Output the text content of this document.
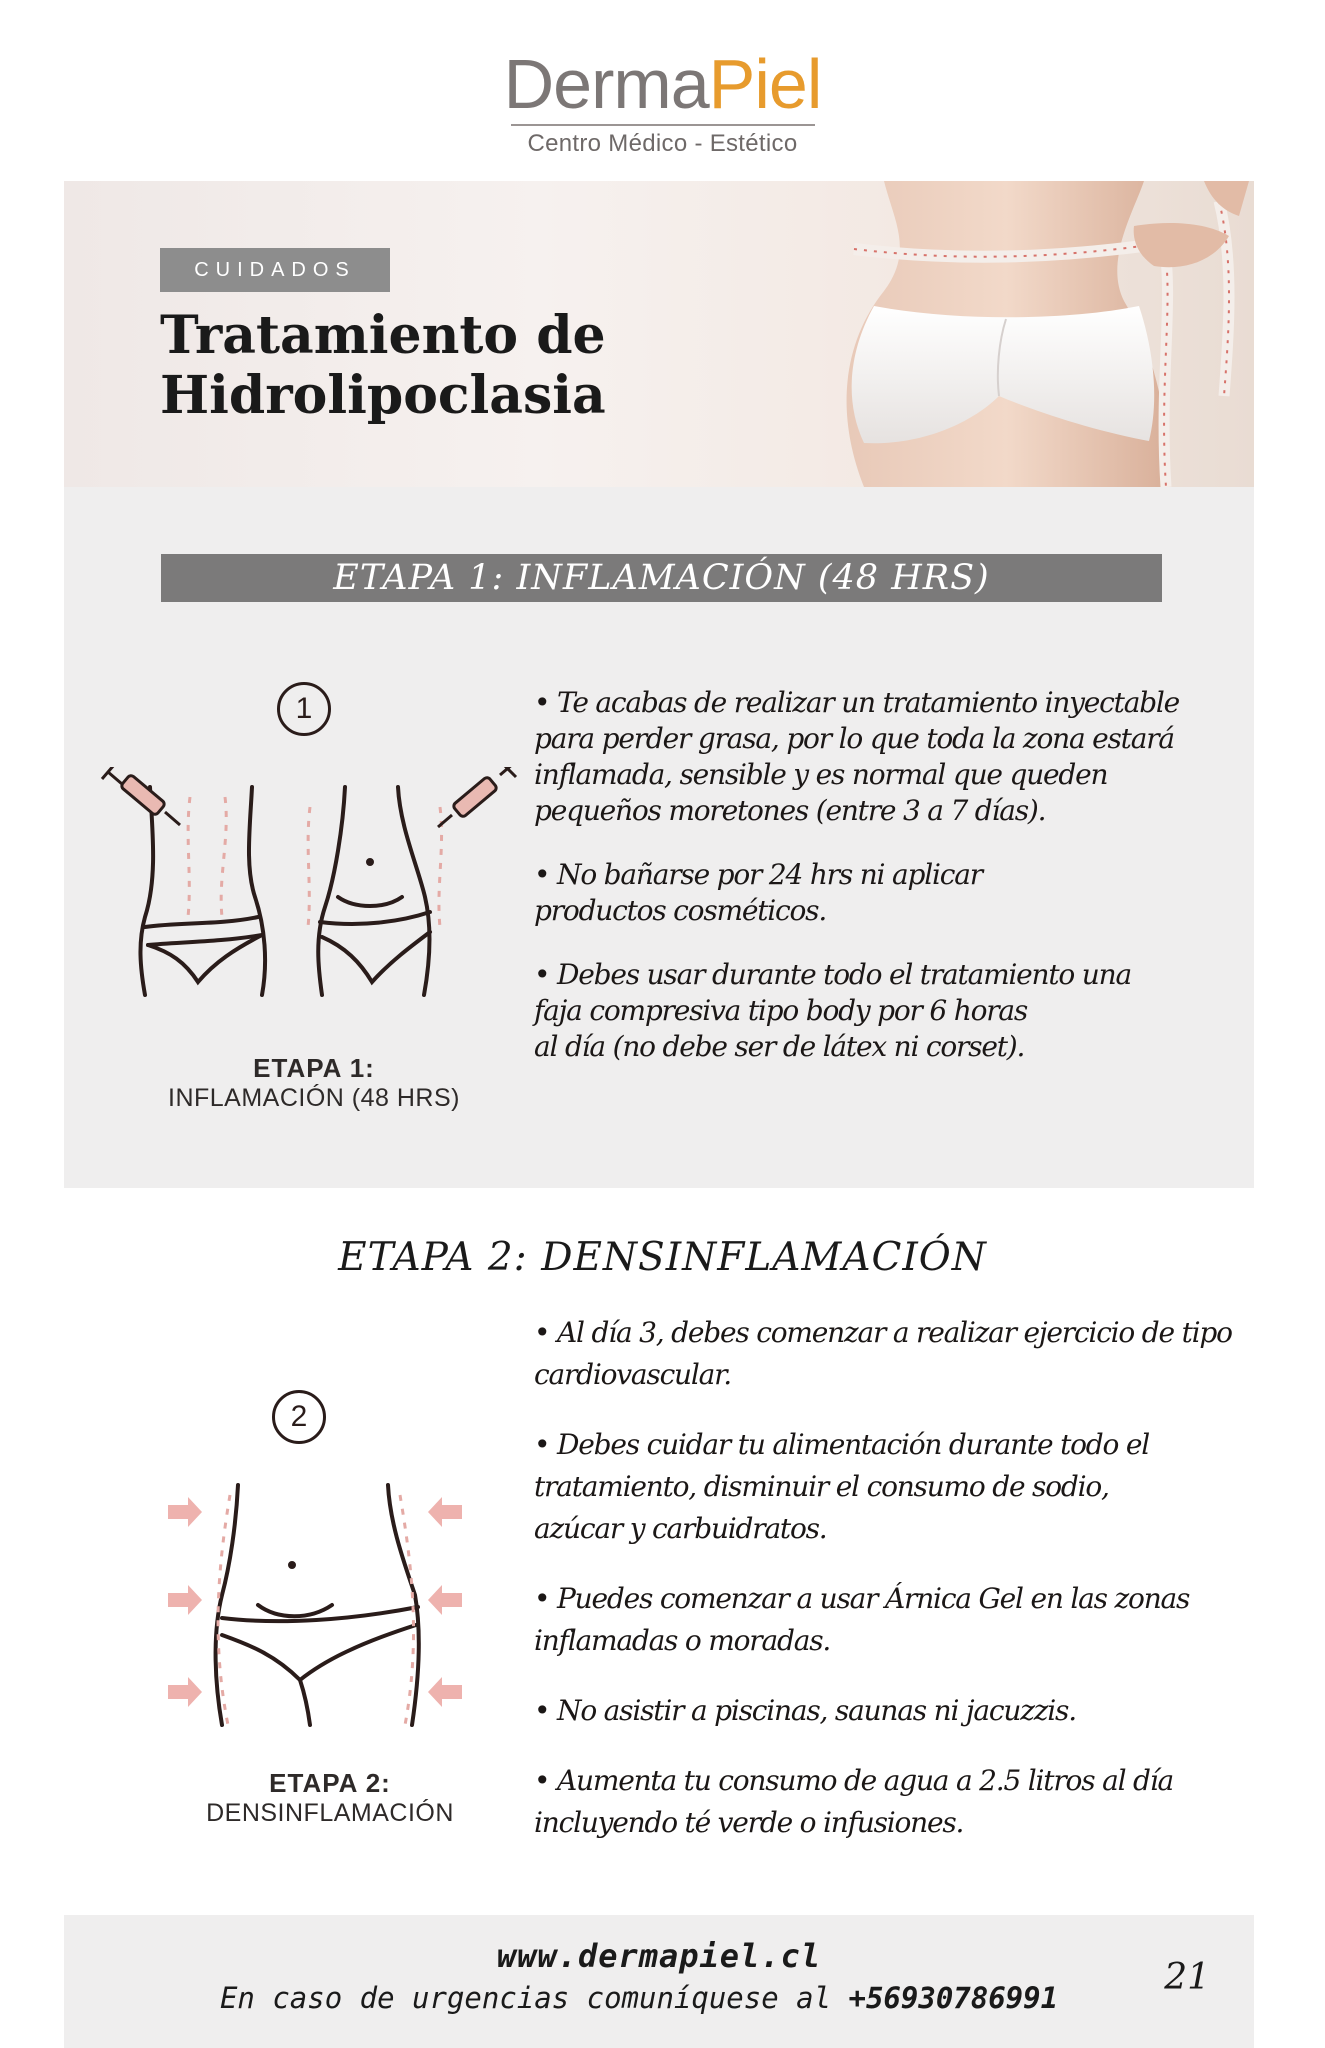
DermaPiel
Centro Médico - Estético
CUIDADOS
Tratamiento de
Hidrolipoclasia
ETAPA 1: INFLAMACIÓN (48 HRS)
1
ETAPA 1:
INFLAMACIÓN (48 HRS)

• Te acabas de realizar un tratamiento inyectable
para perder grasa, por lo que toda la zona estará
inflamada, sensible y es normal que queden
pequeños moretones (entre 3 a 7 días).

• No bañarse por 24 hrs ni aplicar
productos cosméticos.

• Debes usar durante todo el tratamiento una
faja compresiva tipo body por 6 horas
al día (no debe ser de látex ni corset).

ETAPA 2: DENSINFLAMACIÓN
2
ETAPA 2:
DENSINFLAMACIÓN

• Al día 3, debes comenzar a realizar ejercicio de tipo
cardiovascular.

• Debes cuidar tu alimentación durante todo el
tratamiento, disminuir el consumo de sodio,
azúcar y carbuidratos.

• Puedes comenzar a usar Árnica Gel en las zonas
inflamadas o moradas.

• No asistir a piscinas, saunas ni jacuzzis.

• Aumenta tu consumo de agua a 2.5 litros al día
incluyendo té verde o infusiones.

www.dermapiel.cl
En caso de urgencias comuníquese al +56930786991	21
